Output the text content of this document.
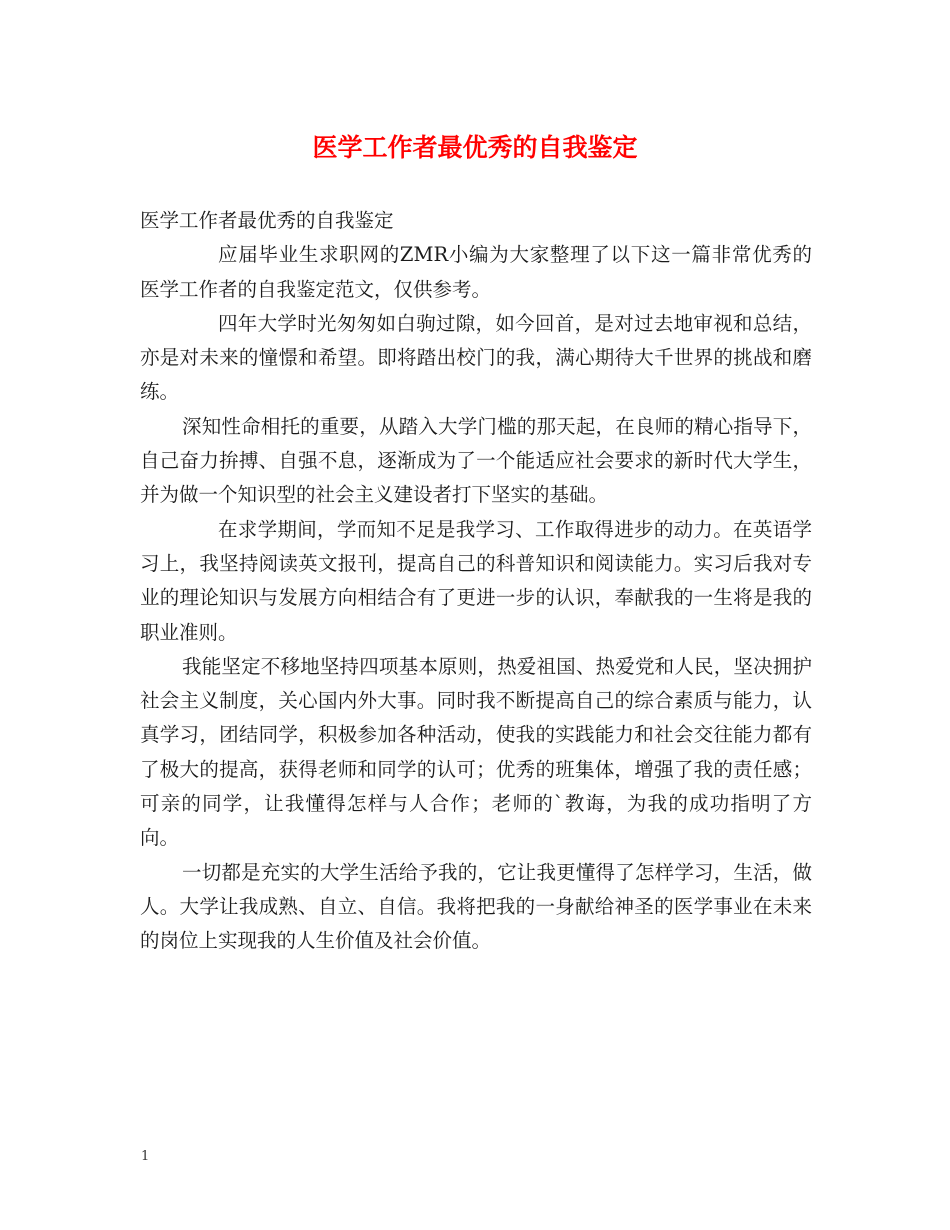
医学工作者最优秀的自我鉴定

医学工作者最优秀的自我鉴定

应届毕业生求职网的ZMR小编为大家整理了以下这一篇非常优秀的医学工作者的自我鉴定范文，仅供参考。

四年大学时光匆匆如白驹过隙，如今回首，是对过去地审视和总结，亦是对未来的憧憬和希望。即将踏出校门的我，满心期待大千世界的挑战和磨练。

深知性命相托的重要，从踏入大学门槛的那天起，在良师的精心指导下，自己奋力拚搏、自强不息，逐渐成为了一个能适应社会要求的新时代大学生，并为做一个知识型的社会主义建设者打下坚实的基础。

在求学期间，学而知不足是我学习、工作取得进步的动力。在英语学习上，我坚持阅读英文报刊，提高自己的科普知识和阅读能力。实习后我对专业的理论知识与发展方向相结合有了更进一步的认识，奉献我的一生将是我的职业准则。

我能坚定不移地坚持四项基本原则，热爱祖国、热爱党和人民，坚决拥护社会主义制度，关心国内外大事。同时我不断提高自己的综合素质与能力，认真学习，团结同学，积极参加各种活动，使我的实践能力和社会交往能力都有了极大的提高，获得老师和同学的认可；优秀的班集体，增强了我的责任感；可亲的同学，让我懂得怎样与人合作；老师的`教诲，为我的成功指明了方向。

一切都是充实的大学生活给予我的，它让我更懂得了怎样学习，生活，做人。大学让我成熟、自立、自信。我将把我的一身献给神圣的医学事业在未来的岗位上实现我的人生价值及社会价值。

1
